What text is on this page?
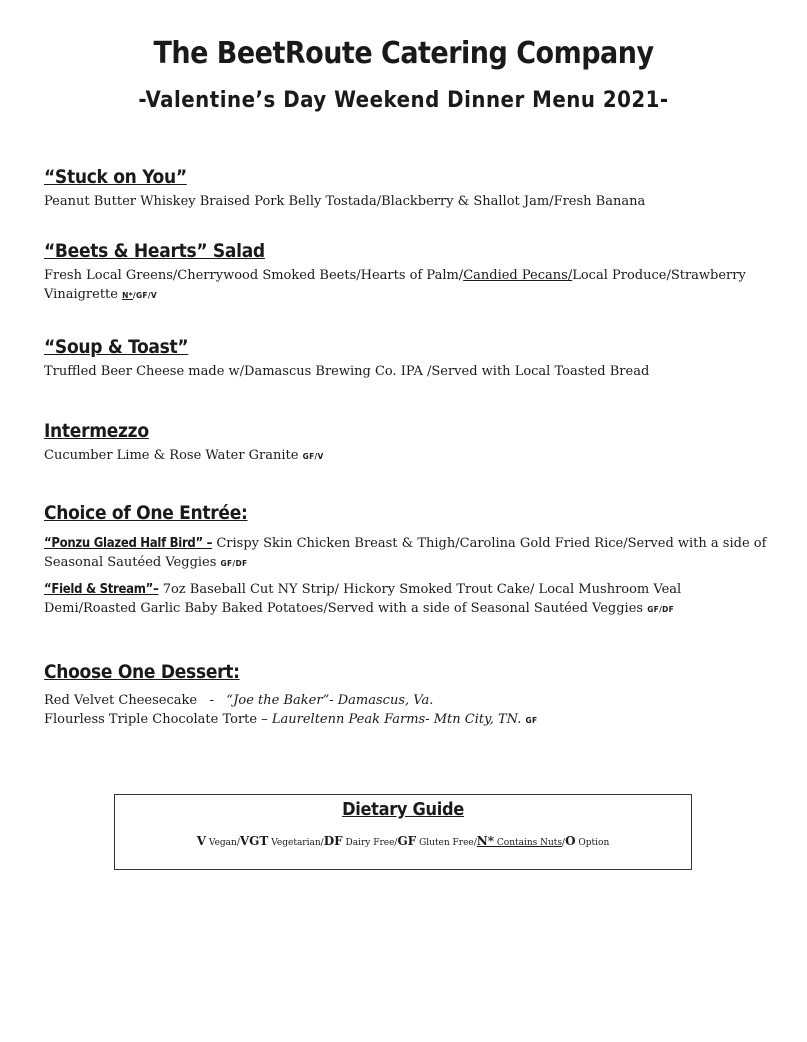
The BeetRoute Catering Company
-Valentine’s Day Weekend Dinner Menu 2021-
“Stuck on You”
Peanut Butter Whiskey Braised Pork Belly Tostada/Blackberry & Shallot Jam/Fresh Banana
“Beets & Hearts” Salad
Fresh Local Greens/Cherrywood Smoked Beets/Hearts of Palm/Candied Pecans/Local Produce/Strawberry Vinaigrette N*/GF/V
“Soup & Toast”
Truffled Beer Cheese made w/Damascus Brewing Co. IPA /Served with Local Toasted Bread
Intermezzo
Cucumber Lime & Rose Water Granite GF/V
Choice of One Entrée:
“Ponzu Glazed Half Bird” – Crispy Skin Chicken Breast & Thigh/Carolina Gold Fried Rice/Served with a side of Seasonal Sautéed Veggies GF/DF
“Field & Stream”– 7oz Baseball Cut NY Strip/ Hickory Smoked Trout Cake/ Local Mushroom Veal Demi/Roasted Garlic Baby Baked Potatoes/Served with a side of Seasonal Sautéed Veggies GF/DF
Choose One Dessert:
Red Velvet Cheesecake   -   “Joe the Baker”- Damascus, Va.
Flourless Triple Chocolate Torte – Laureltenn Peak Farms- Mtn City, TN. GF
Dietary Guide
V Vegan/VGT Vegetarian/DF Dairy Free/GF Gluten Free/N* Contains Nuts/O Option
